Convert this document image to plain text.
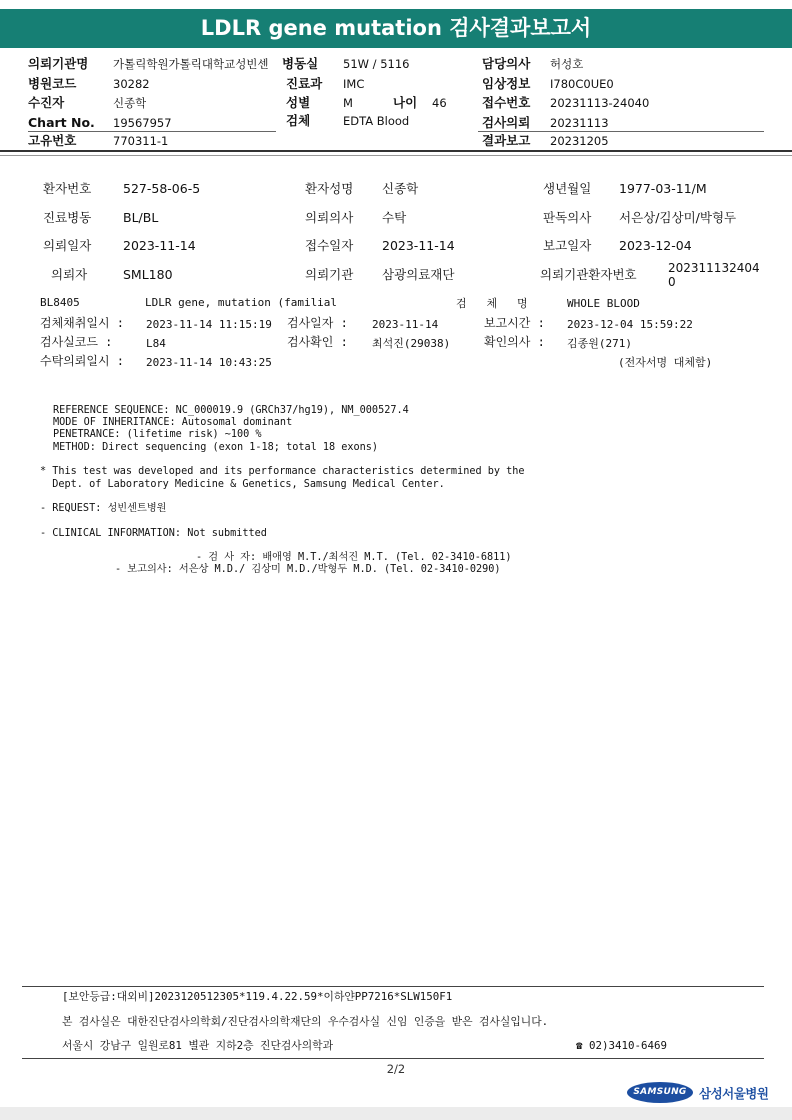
LDLR gene mutation 검사결과보고서
의뢰기관명 가톨릭학원가톨릭대학교성빈센	병동실 51W / 5116	담당의사 허성호
병원코드	30282	진료과 IMC	임상정보 I780C0UE0
수진자	신종학	성별	M	나이 46	접수번호 20231113-24040
Chart No. 19567957	검체	EDTA Blood	검사의뢰 20231113
고유번호	770311-1	결과보고 20231205
환자번호	527-58-06-5	환자성명 신종학	생년월일 1977-03-11/M
진료병동	BL/BL	의뢰의사 수탁	판독의사 서은상/김상미/박형두
의뢰일자	2023-11-14	접수일자 2023-11-14	보고일자 2023-12-04
의뢰자	SML180	의뢰기관 삼광의료재단	의뢰기관환자번호	202311132404
0
BL8405	LDLR gene, mutation (familial	검   체   명	WHOLE BLOOD
검체채취일시 : 2023-11-14 11:15:19 검사일자 : 2023-11-14	보고시간 : 2023-12-04 15:59:22
검사실코드 :	L84	검사확인 : 최석진(29038)	확인의사 : 김종원(271)
수탁의뢰일시 : 2023-11-14 10:43:25	(전자서명 대체함)
REFERENCE SEQUENCE: NC_000019.9 (GRCh37/hg19), NM_000527.4
MODE OF INHERITANCE: Autosomal dominant
PENETRANCE: (lifetime risk) ~100 %
METHOD: Direct sequencing (exon 1-18; total 18 exons)
* This test was developed and its performance characteristics determined by the
Dept. of Laboratory Medicine & Genetics, Samsung Medical Center.
- REQUEST: 성빈센트병원
- CLINICAL INFORMATION: Not submitted
- 검 사 자: 배애영 M.T./최석진 M.T. (Tel. 02-3410-6811)
- 보고의사: 서은상 M.D./ 김상미 M.D./박형두 M.D. (Tel. 02-3410-0290)
[보안등급:대외비]2023120512305*119.4.22.59*이하얀PP7216*SLW150F1
본 검사실은 대한진단검사의학회/진단검사의학재단의 우수검사실 신임 인증을 받은 검사실입니다.
서울시 강남구 일원로81 별관 지하2층 진단검사의학과	☎ 02)3410-6469
2/2
SAMSUNG 삼성서울병원
